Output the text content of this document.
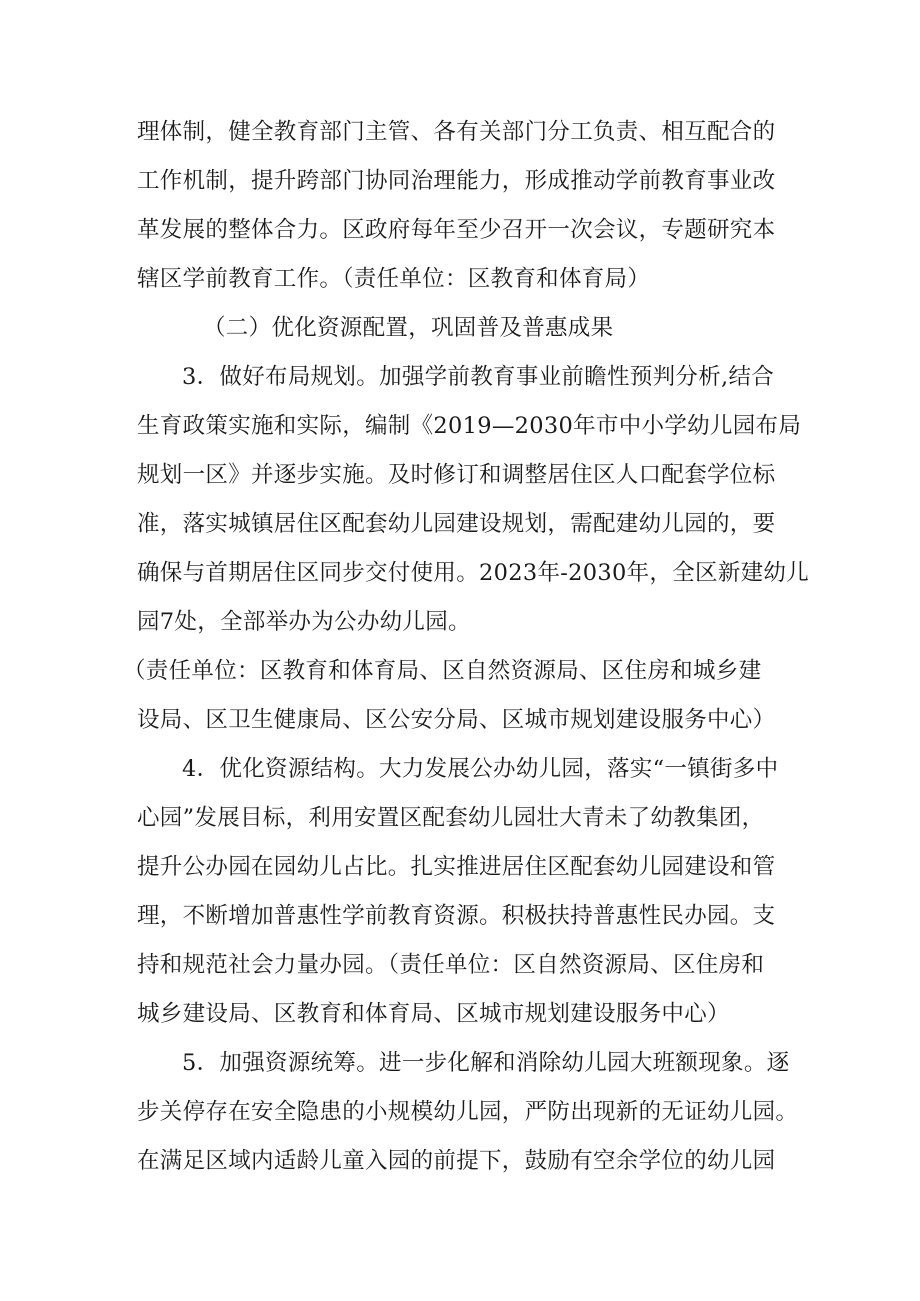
理体制，健全教育部门主管、各有关部门分工负责、相互配合的
工作机制，提升跨部门协同治理能力，形成推动学前教育事业改
革发展的整体合力。区政府每年至少召开一次会议，专题研究本
辖区学前教育工作。（责任单位：区教育和体育局）
（二）优化资源配置，巩固普及普惠成果
3．做好布局规划。加强学前教育事业前瞻性预判分析,结合
生育政策实施和实际，编制《2019—2030年市中小学幼儿园布局
规划一区》并逐步实施。及时修订和调整居住区人口配套学位标
准，落实城镇居住区配套幼儿园建设规划，需配建幼儿园的，要
确保与首期居住区同步交付使用。2023年-2030年，全区新建幼儿
园7处，全部举办为公办幼儿园。
（责任单位：区教育和体育局、区自然资源局、区住房和城乡建
设局、区卫生健康局、区公安分局、区城市规划建设服务中心）
4．优化资源结构。大力发展公办幼儿园，落实“一镇街多中
心园”发展目标，利用安置区配套幼儿园壮大青未了幼教集团，
提升公办园在园幼儿占比。扎实推进居住区配套幼儿园建设和管
理，不断增加普惠性学前教育资源。积极扶持普惠性民办园。支
持和规范社会力量办园。（责任单位：区自然资源局、区住房和
城乡建设局、区教育和体育局、区城市规划建设服务中心）
5．加强资源统筹。进一步化解和消除幼儿园大班额现象。逐
步关停存在安全隐患的小规模幼儿园，严防出现新的无证幼儿园。
在满足区域内适龄儿童入园的前提下，鼓励有空余学位的幼儿园
